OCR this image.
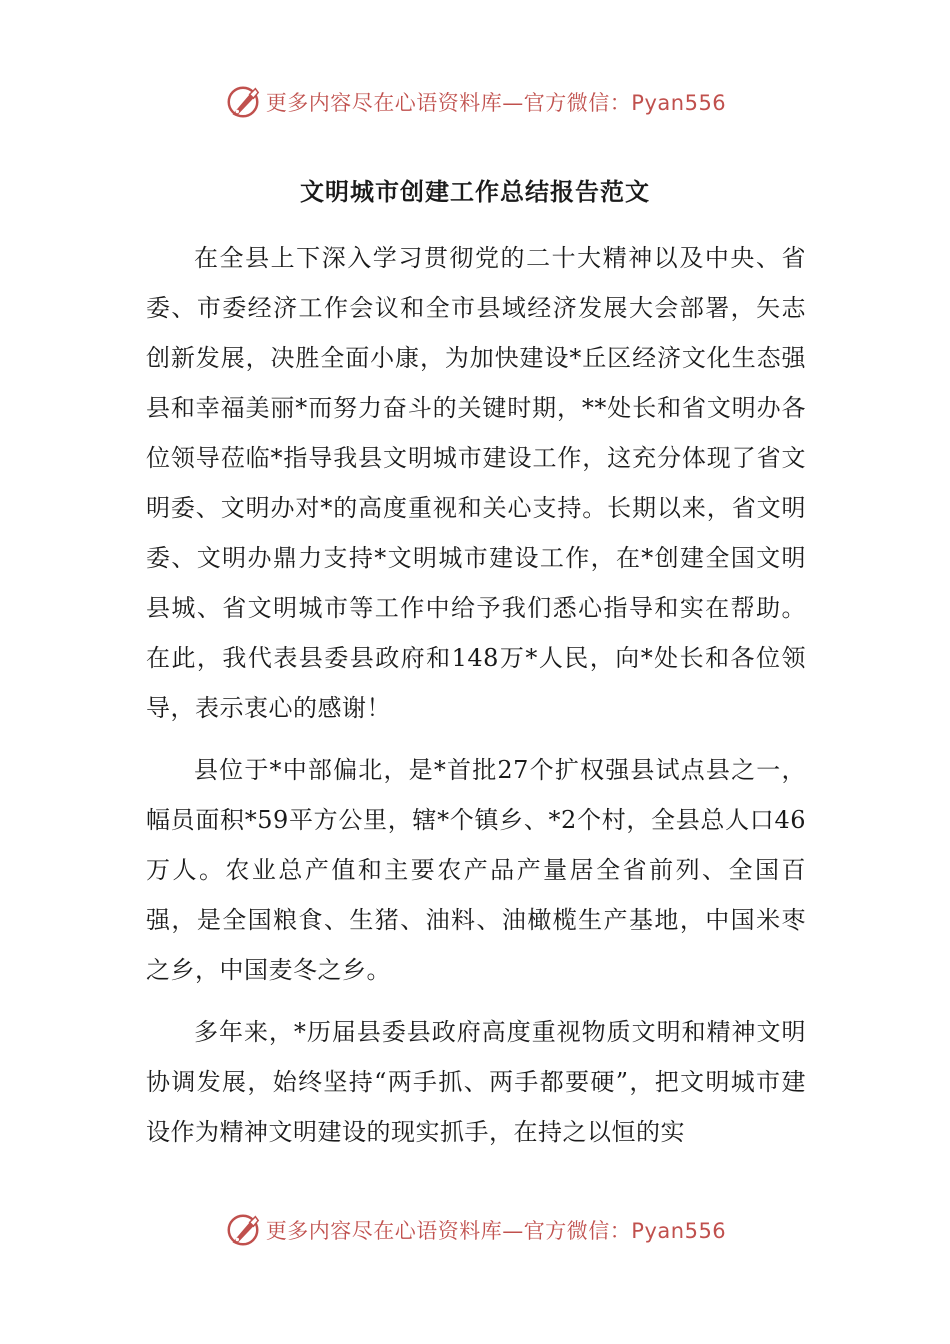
更多内容尽在心语资料库—官方微信：Pyan556
文明城市创建工作总结报告范文

在全县上下深入学习贯彻党的二十大精神以及中央、省委、市委经济工作会议和全市县域经济发展大会部署，矢志创新发展，决胜全面小康，为加快建设*丘区经济文化生态强县和幸福美丽*而努力奋斗的关键时期，**处长和省文明办各位领导莅临*指导我县文明城市建设工作，这充分体现了省文明委、文明办对*的高度重视和关心支持。长期以来，省文明委、文明办鼎力支持*文明城市建设工作，在*创建全国文明县城、省文明城市等工作中给予我们悉心指导和实在帮助。在此，我代表县委县政府和148万*人民，向*处长和各位领导，表示衷心的感谢！

县位于*中部偏北，是*首批27个扩权强县试点县之一，幅员面积*59平方公里，辖*个镇乡、*2个村，全县总人口46万人。农业总产值和主要农产品产量居全省前列、全国百强，是全国粮食、生猪、油料、油橄榄生产基地，中国米枣之乡，中国麦冬之乡。

多年来，*历届县委县政府高度重视物质文明和精神文明协调发展，始终坚持“两手抓、两手都要硬”，把文明城市建设作为精神文明建设的现实抓手，在持之以恒的实

更多内容尽在心语资料库—官方微信：Pyan556
